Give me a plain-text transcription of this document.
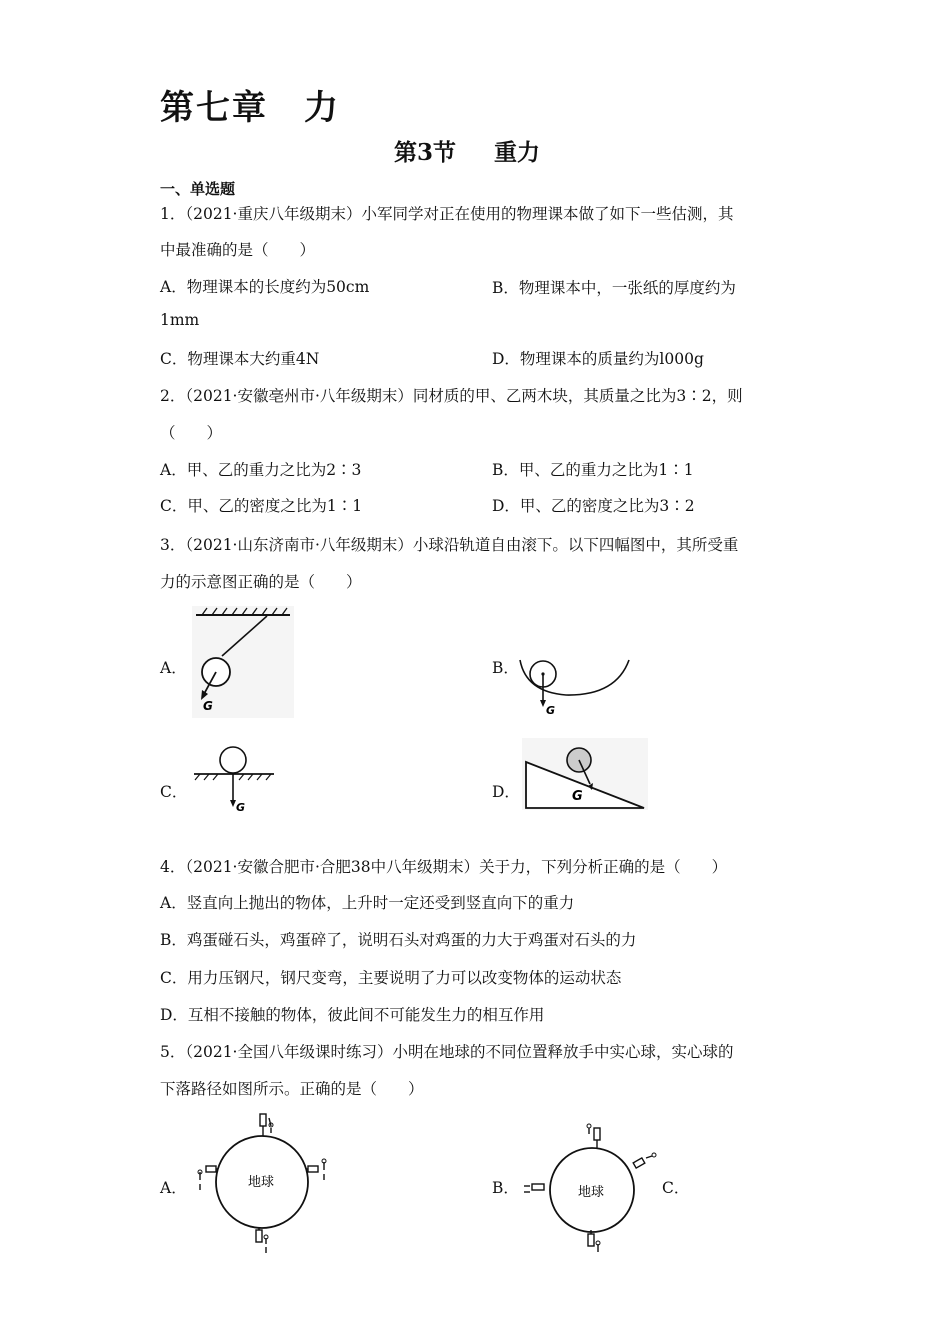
第七章　力
第3节 重力
一、单选题
1．（2021·重庆八年级期末）小军同学对正在使用的物理课本做了如下一些估测，其
中最准确的是（　　）
A．物理课本的长度约为50cm	B．物理课本中，一张纸的厚度约为
1mm
C．物理课本大约重4N	D．物理课本的质量约为l000g
2．（2021·安徽亳州市·八年级期末）同材质的甲、乙两木块，其质量之比为3∶2，则
（　　）
A．甲、乙的重力之比为2∶3	B．甲、乙的重力之比为1∶1
C．甲、乙的密度之比为1∶1	D．甲、乙的密度之比为3∶2
3．（2021·山东济南市·八年级期末）小球沿轨道自由滚下。以下四幅图中，其所受重
力的示意图正确的是（　　）
A．
G
B．
G
C．
G
D．	G
4．（2021·安徽合肥市·合肥38中八年级期末）关于力，下列分析正确的是（　　）
A．竖直向上抛出的物体，上升时一定还受到竖直向下的重力
B．鸡蛋碰石头，鸡蛋碎了，说明石头对鸡蛋的力大于鸡蛋对石头的力
C．用力压钢尺，钢尺变弯，主要说明了力可以改变物体的运动状态
D．互相不接触的物体，彼此间不可能发生力的相互作用
5．（2021·全国八年级课时练习）小明在地球的不同位置释放手中实心球，实心球的
下落路径如图所示。正确的是（　　）
A．	地球	B．	地球	C．
